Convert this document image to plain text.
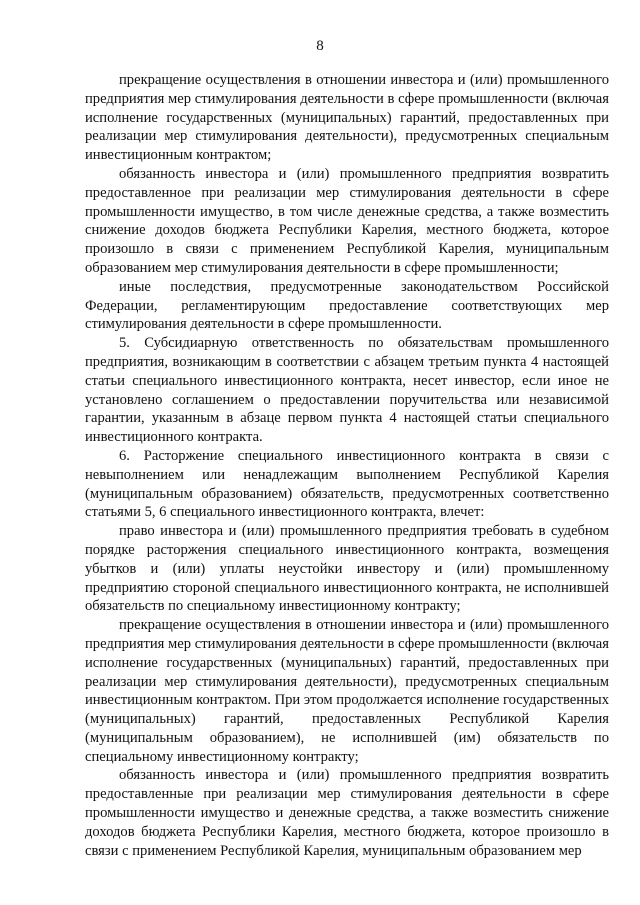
8

прекращение осуществления в отношении инвестора и (или) промышленного предприятия мер стимулирования деятельности в сфере промышленности (включая исполнение государственных (муниципальных) гарантий, предоставленных при реализации мер стимулирования деятельности), предусмотренных специальным инвестиционным контрактом;

обязанность инвестора и (или) промышленного предприятия возвратить предоставленное при реализации мер стимулирования деятельности в сфере промышленности имущество, в том числе денежные средства, а также возместить снижение доходов бюджета Республики Карелия, местного бюджета, которое произошло в связи с применением Республикой Карелия, муниципальным образованием мер стимулирования деятельности в сфере промышленности;

иные последствия, предусмотренные законодательством Российской Федерации, регламентирующим предоставление соответствующих мер стимулирования деятельности в сфере промышленности.

5. Субсидиарную ответственность по обязательствам промышленного предприятия, возникающим в соответствии с абзацем третьим пункта 4 настоящей статьи специального инвестиционного контракта, несет инвестор, если иное не установлено соглашением о предоставлении поручительства или независимой гарантии, указанным в абзаце первом пункта 4 настоящей статьи специального инвестиционного контракта.

6. Расторжение специального инвестиционного контракта в связи с невыполнением или ненадлежащим выполнением Республикой Карелия (муниципальным образованием) обязательств, предусмотренных соответственно статьями 5, 6 специального инвестиционного контракта, влечет:

право инвестора и (или) промышленного предприятия требовать в судебном порядке расторжения специального инвестиционного контракта, возмещения убытков и (или) уплаты неустойки инвестору и (или) промышленному предприятию стороной специального инвестиционного контракта, не исполнившей обязательств по специальному инвестиционному контракту;

прекращение осуществления в отношении инвестора и (или) промышленного предприятия мер стимулирования деятельности в сфере промышленности (включая исполнение государственных (муниципальных) гарантий, предоставленных при реализации мер стимулирования деятельности), предусмотренных специальным инвестиционным контрактом. При этом продолжается исполнение государственных (муниципальных) гарантий, предоставленных Республикой Карелия (муниципальным образованием), не исполнившей (им) обязательств по специальному инвестиционному контракту;

обязанность инвестора и (или) промышленного предприятия возвратить предоставленные при реализации мер стимулирования деятельности в сфере промышленности имущество и денежные средства, а также возместить снижение доходов бюджета Республики Карелия, местного бюджета, которое произошло в связи с применением Республикой Карелия, муниципальным образованием мер
